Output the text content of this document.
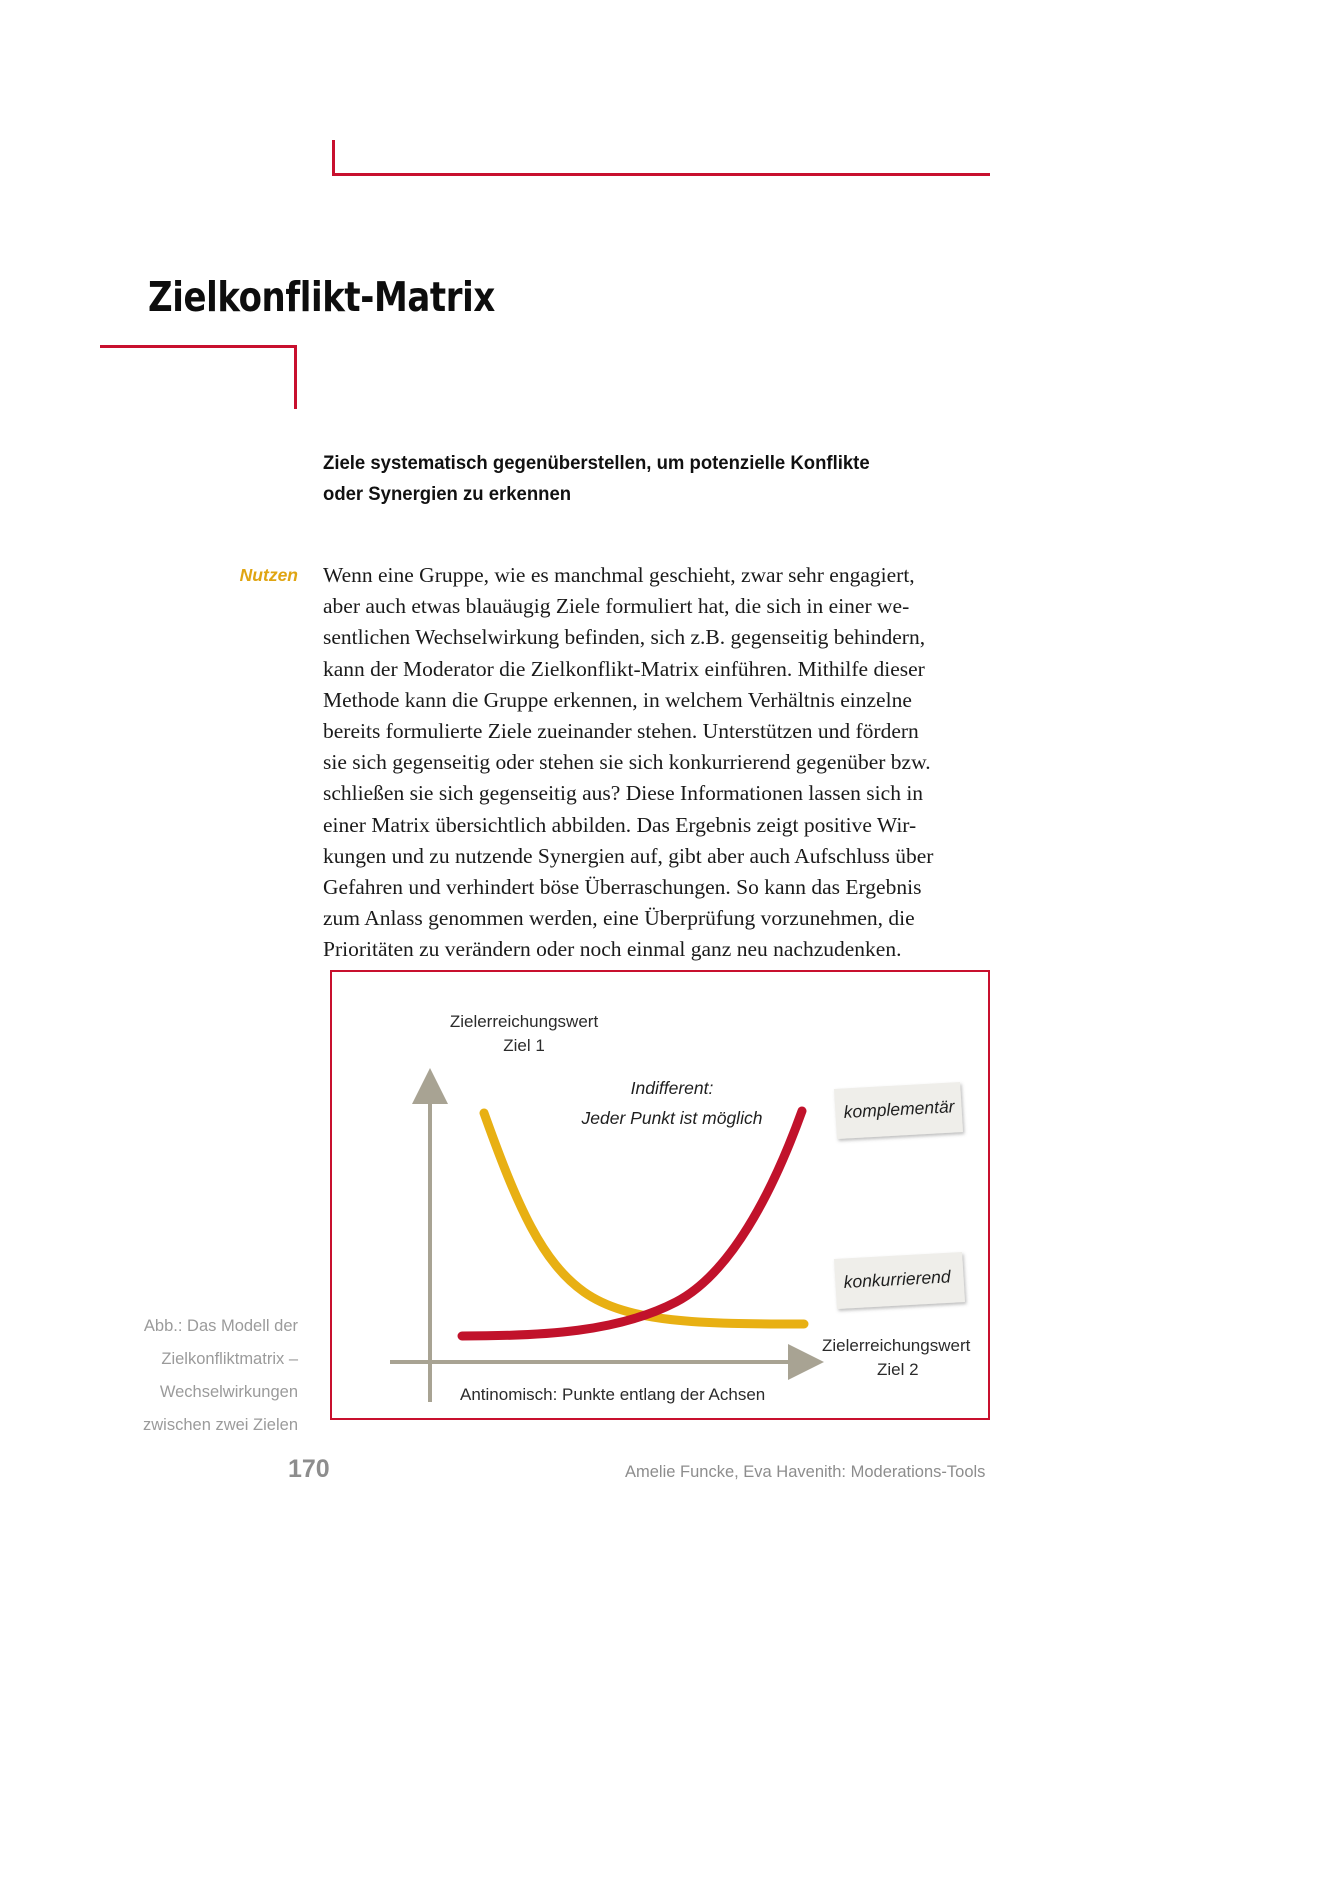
Zielkonflikt-Matrix
Ziele systematisch gegenüberstellen, um potenzielle Konflikte
oder Synergien zu erkennen
Nutzen Wenn eine Gruppe, wie es manchmal geschieht, zwar sehr engagiert,
aber auch etwas blauäugig Ziele formuliert hat, die sich in einer we-
sentlichen Wechselwirkung befinden, sich z.B. gegenseitig behindern,
kann der Moderator die Zielkonflikt-Matrix einführen. Mithilfe dieser
Methode kann die Gruppe erkennen, in welchem Verhältnis einzelne
bereits formulierte Ziele zueinander stehen. Unterstützen und fördern
sie sich gegenseitig oder stehen sie sich konkurrierend gegenüber bzw.
schließen sie sich gegenseitig aus? Diese Informationen lassen sich in
einer Matrix übersichtlich abbilden. Das Ergebnis zeigt positive Wir-
kungen und zu nutzende Synergien auf, gibt aber auch Aufschluss über
Gefahren und verhindert böse Überraschungen. So kann das Ergebnis
zum Anlass genommen werden, eine Überprüfung vorzunehmen, die
Prioritäten zu verändern oder noch einmal ganz neu nachzudenken.
Abb.: Das Modell der
Zielkonfliktmatrix –
Wechselwirkungen
zwischen zwei Zielen
Zielerreichungswert
Ziel 1
Zielerreichungswert
Ziel 2
Antinomisch: Punkte entlang der Achsen
Indifferent:
Jeder Punkt ist möglich	komplementär
konkurrierend
170	Amelie Funcke, Eva Havenith: Moderations-Tools
